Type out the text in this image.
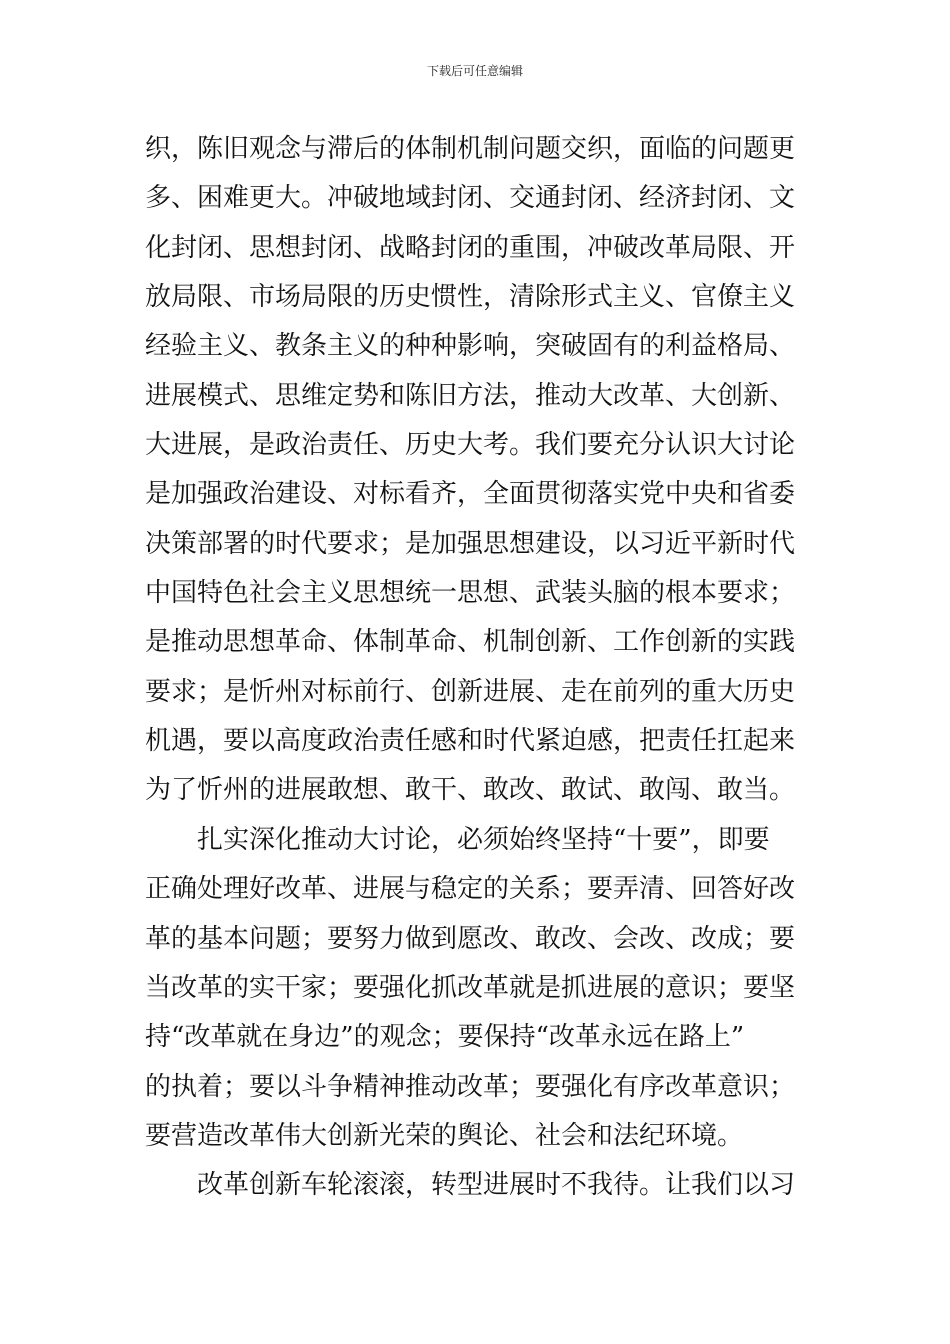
下载后可任意编辑
织，陈旧观念与滞后的体制机制问题交织，面临的问题更
多、困难更大。冲破地域封闭、交通封闭、经济封闭、文
化封闭、思想封闭、战略封闭的重围，冲破改革局限、开
放局限、市场局限的历史惯性，清除形式主义、官僚主义
经验主义、教条主义的种种影响，突破固有的利益格局、
进展模式、思维定势和陈旧方法，推动大改革、大创新、
大进展，是政治责任、历史大考。我们要充分认识大讨论
是加强政治建设、对标看齐，全面贯彻落实党中央和省委
决策部署的时代要求；是加强思想建设，以习近平新时代
中国特色社会主义思想统一思想、武装头脑的根本要求；
是推动思想革命、体制革命、机制创新、工作创新的实践
要求；是忻州对标前行、创新进展、走在前列的重大历史
机遇，要以高度政治责任感和时代紧迫感，把责任扛起来
为了忻州的进展敢想、敢干、敢改、敢试、敢闯、敢当。
扎实深化推动大讨论，必须始终坚持“十要”，即要
正确处理好改革、进展与稳定的关系；要弄清、回答好改
革的基本问题；要努力做到愿改、敢改、会改、改成；要
当改革的实干家；要强化抓改革就是抓进展的意识；要坚
持“改革就在身边”的观念；要保持“改革永远在路上”
的执着；要以斗争精神推动改革；要强化有序改革意识；
要营造改革伟大创新光荣的舆论、社会和法纪环境。
改革创新车轮滚滚，转型进展时不我待。让我们以习
